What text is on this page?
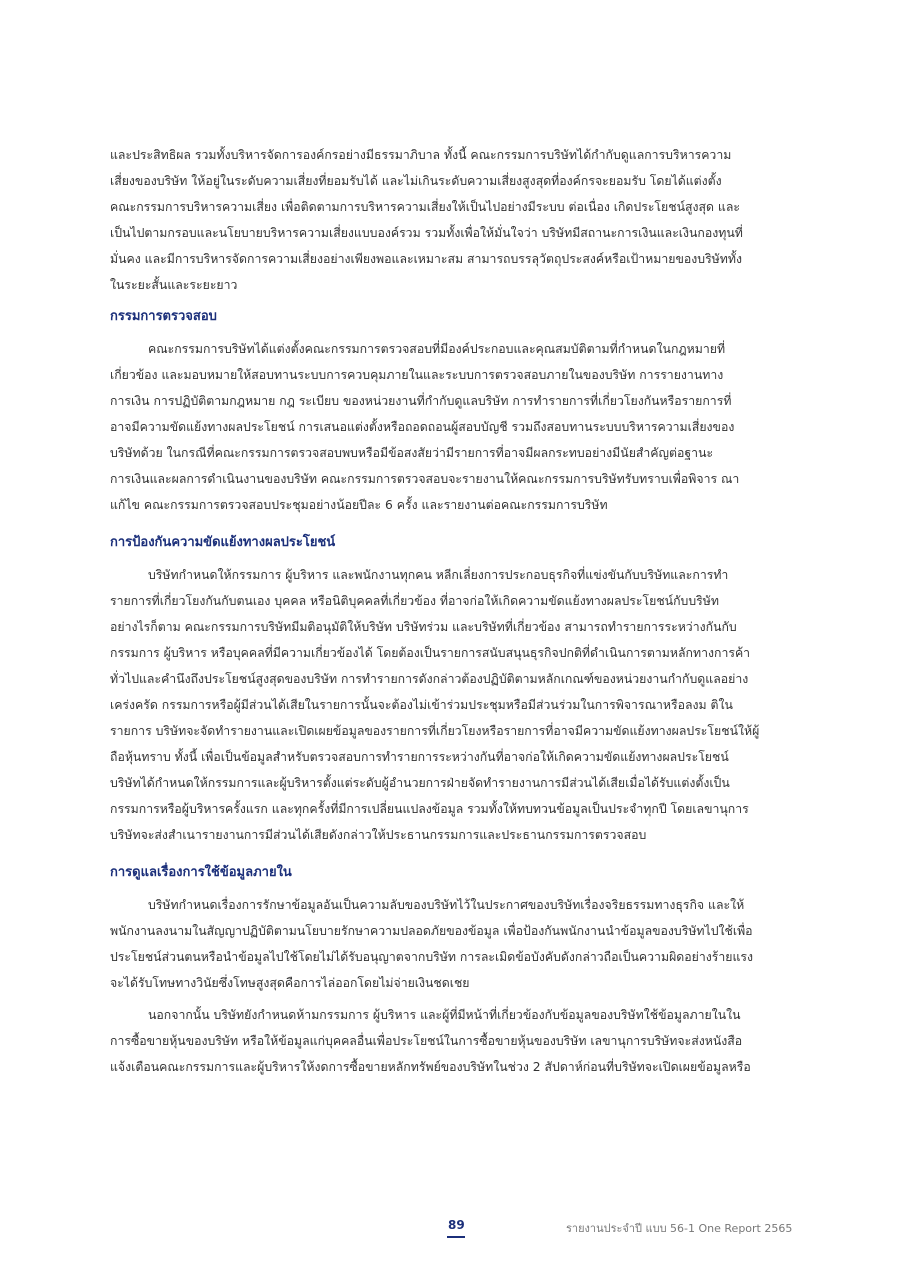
และประสิทธิผล รวมทั้งบริหารจัดการองค์กรอย่างมีธรรมาภิบาล ทั้งนี้ คณะกรรมการบริษัทได้กำกับดูแลการบริหารความ

เสี่ยงของบริษัท ให้อยู่ในระดับความเสี่ยงที่ยอมรับได้ และไม่เกินระดับความเสี่ยงสูงสุดที่องค์กรจะยอมรับ โดยได้แต่งตั้ง

คณะกรรมการบริหารความเสี่ยง เพื่อติดตามการบริหารความเสี่ยงให้เป็นไปอย่างมีระบบ ต่อเนื่อง เกิดประโยชน์สูงสุด และ

เป็นไปตามกรอบและนโยบายบริหารความเสี่ยงแบบองค์รวม รวมทั้งเพื่อให้มั่นใจว่า บริษัทมีสถานะการเงินและเงินกองทุนที่

มั่นคง และมีการบริหารจัดการความเสี่ยงอย่างเพียงพอและเหมาะสม สามารถบรรลุวัตถุประสงค์หรือเป้าหมายของบริษัททั้ง

ในระยะสั้นและระยะยาว

กรรมการตรวจสอบ

คณะกรรมการบริษัทได้แต่งตั้งคณะกรรมการตรวจสอบที่มีองค์ประกอบและคุณสมบัติตามที่กำหนดในกฎหมายที่

เกี่ยวข้อง และมอบหมายให้สอบทานระบบการควบคุมภายในและระบบการตรวจสอบภายในของบริษัท การรายงานทาง

การเงิน การปฏิบัติตามกฎหมาย กฎ ระเบียบ ของหน่วยงานที่กำกับดูแลบริษัท การทำรายการที่เกี่ยวโยงกันหรือรายการที่

อาจมีความขัดแย้งทางผลประโยชน์ การเสนอแต่งตั้งหรือถอดถอนผู้สอบบัญชี รวมถึงสอบทานระบบบริหารความเสี่ยงของ

บริษัทด้วย ในกรณีที่คณะกรรมการตรวจสอบพบหรือมีข้อสงสัยว่ามีรายการที่อาจมีผลกระทบอย่างมีนัยสำคัญต่อฐานะ

การเงินและผลการดำเนินงานของบริษัท คณะกรรมการตรวจสอบจะรายงานให้คณะกรรมการบริษัทรับทราบเพื่อพิจาร ณา

แก้ไข คณะกรรมการตรวจสอบประชุมอย่างน้อยปีละ 6 ครั้ง และรายงานต่อคณะกรรมการบริษัท

การป้องกันความขัดแย้งทางผลประโยชน์

บริษัทกำหนดให้กรรมการ ผู้บริหาร และพนักงานทุกคน หลีกเลี่ยงการประกอบธุรกิจที่แข่งขันกับบริษัทและการทำ

รายการที่เกี่ยวโยงกันกับตนเอง บุคคล หรือนิติบุคคลที่เกี่ยวข้อง ที่อาจก่อให้เกิดความขัดแย้งทางผลประโยชน์กับบริษัท

อย่างไรก็ตาม คณะกรรมการบริษัทมีมติอนุมัติให้บริษัท บริษัทร่วม และบริษัทที่เกี่ยวข้อง สามารถทำรายการระหว่างกันกับ

กรรมการ ผู้บริหาร หรือบุคคลที่มีความเกี่ยวข้องได้ โดยต้องเป็นรายการสนับสนุนธุรกิจปกติที่ดำเนินการตามหลักทางการค้า

ทั่วไปและคำนึงถึงประโยชน์สูงสุดของบริษัท การทำรายการดังกล่าวต้องปฏิบัติตามหลักเกณฑ์ของหน่วยงานกำกับดูแลอย่าง

เคร่งครัด กรรมการหรือผู้มีส่วนได้เสียในรายการนั้นจะต้องไม่เข้าร่วมประชุมหรือมีส่วนร่วมในการพิจารณาหรือลงม ติใน

รายการ บริษัทจะจัดทำรายงานและเปิดเผยข้อมูลของรายการที่เกี่ยวโยงหรือรายการที่อาจมีความขัดแย้งทางผลประโยชน์ให้ผู้

ถือหุ้นทราบ ทั้งนี้ เพื่อเป็นข้อมูลสำหรับตรวจสอบการทำรายการระหว่างกันที่อาจก่อให้เกิดความขัดแย้งทางผลประโยชน์

บริษัทได้กำหนดให้กรรมการและผู้บริหารตั้งแต่ระดับผู้อำนวยการฝ่ายจัดทำรายงานการมีส่วนได้เสียเมื่อได้รับแต่งตั้งเป็น

กรรมการหรือผู้บริหารครั้งแรก และทุกครั้งที่มีการเปลี่ยนแปลงข้อมูล รวมทั้งให้ทบทวนข้อมูลเป็นประจำทุกปี โดยเลขานุการ

บริษัทจะส่งสำเนารายงานการมีส่วนได้เสียดังกล่าวให้ประธานกรรมการและประธานกรรมการตรวจสอบ

การดูแลเรื่องการใช้ข้อมูลภายใน

บริษัทกำหนดเรื่องการรักษาข้อมูลอันเป็นความลับของบริษัทไว้ในประกาศของบริษัทเรื่องจริยธรรมทางธุรกิจ และให้

พนักงานลงนามในสัญญาปฏิบัติตามนโยบายรักษาความปลอดภัยของข้อมูล เพื่อป้องกันพนักงานนำข้อมูลของบริษัทไปใช้เพื่อ

ประโยชน์ส่วนตนหรือนำข้อมูลไปใช้โดยไม่ได้รับอนุญาตจากบริษัท การละเมิดข้อบังคับดังกล่าวถือเป็นความผิดอย่างร้ายแรง

จะได้รับโทษทางวินัยซึ่งโทษสูงสุดคือการไล่ออกโดยไม่จ่ายเงินชดเชย

นอกจากนั้น บริษัทยังกำหนดห้ามกรรมการ ผู้บริหาร และผู้ที่มีหน้าที่เกี่ยวข้องกับข้อมูลของบริษัทใช้ข้อมูลภายในใน

การซื้อขายหุ้นของบริษัท หรือให้ข้อมูลแก่บุคคลอื่นเพื่อประโยชน์ในการซื้อขายหุ้นของบริษัท เลขานุการบริษัทจะส่งหนังสือ

แจ้งเตือนคณะกรรมการและผู้บริหารให้งดการซื้อขายหลักทรัพย์ของบริษัทในช่วง 2 สัปดาห์ก่อนที่บริษัทจะเปิดเผยข้อมูลหรือ

89	รายงานประจำปี แบบ 56-1 One Report 2565
